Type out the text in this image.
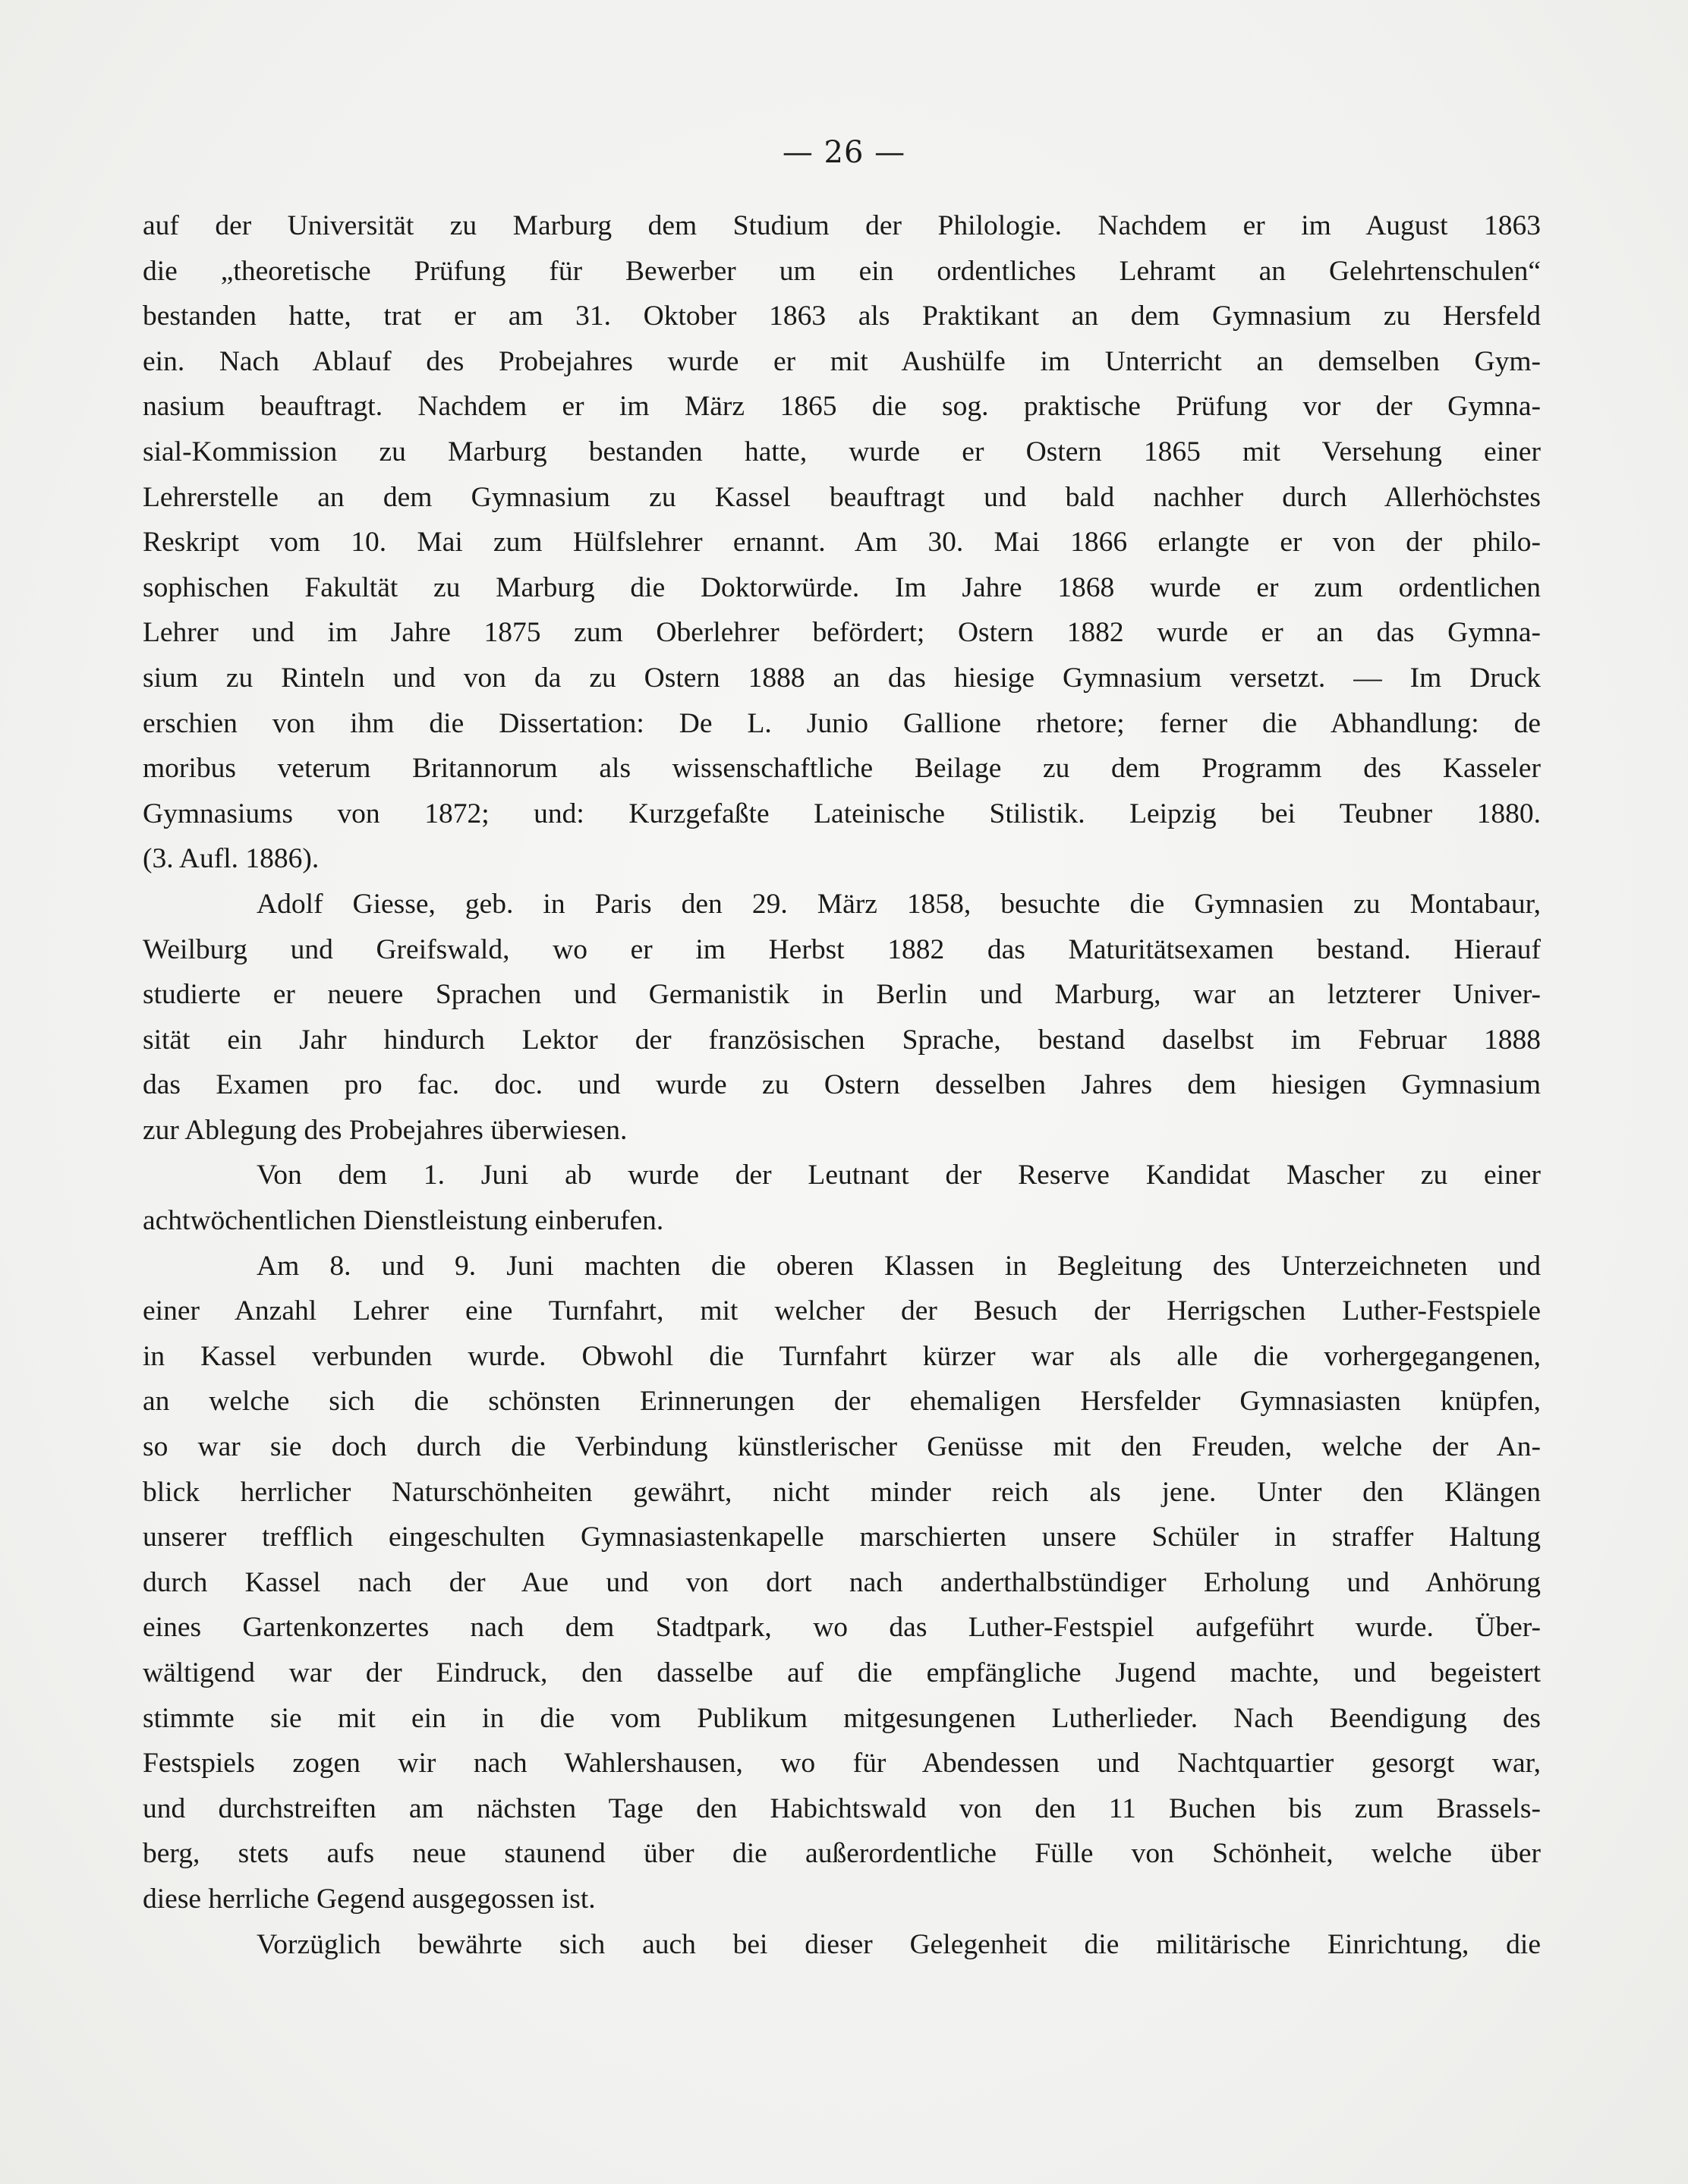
— 26 —
auf der Universität zu Marburg dem Studium der Philologie. Nachdem er im August 1863
die „theoretische Prüfung für Bewerber um ein ordentliches Lehramt an Gelehrtenschulen“
bestanden hatte, trat er am 31. Oktober 1863 als Praktikant an dem Gymnasium zu Hersfeld
ein. Nach Ablauf des Probejahres wurde er mit Aushülfe im Unterricht an demselben Gym-
nasium beauftragt. Nachdem er im März 1865 die sog. praktische Prüfung vor der Gymna-
sial-Kommission zu Marburg bestanden hatte, wurde er Ostern 1865 mit Versehung einer
Lehrerstelle an dem Gymnasium zu Kassel beauftragt und bald nachher durch Allerhöchstes
Reskript vom 10. Mai zum Hülfslehrer ernannt. Am 30. Mai 1866 erlangte er von der philo-
sophischen Fakultät zu Marburg die Doktorwürde. Im Jahre 1868 wurde er zum ordentlichen
Lehrer und im Jahre 1875 zum Oberlehrer befördert; Ostern 1882 wurde er an das Gymna-
sium zu Rinteln und von da zu Ostern 1888 an das hiesige Gymnasium versetzt. — Im Druck
erschien von ihm die Dissertation: De L. Junio Gallione rhetore; ferner die Abhandlung: de
moribus veterum Britannorum als wissenschaftliche Beilage zu dem Programm des Kasseler
Gymnasiums von 1872; und: Kurzgefaßte Lateinische Stilistik. Leipzig bei Teubner 1880.
(3. Aufl. 1886).
Adolf Giesse, geb. in Paris den 29. März 1858, besuchte die Gymnasien zu Montabaur,
Weilburg und Greifswald, wo er im Herbst 1882 das Maturitätsexamen bestand. Hierauf
studierte er neuere Sprachen und Germanistik in Berlin und Marburg, war an letzterer Univer-
sität ein Jahr hindurch Lektor der französischen Sprache, bestand daselbst im Februar 1888
das Examen pro fac. doc. und wurde zu Ostern desselben Jahres dem hiesigen Gymnasium
zur Ablegung des Probejahres überwiesen.
Von dem 1. Juni ab wurde der Leutnant der Reserve Kandidat Mascher zu einer
achtwöchentlichen Dienstleistung einberufen.
Am 8. und 9. Juni machten die oberen Klassen in Begleitung des Unterzeichneten und
einer Anzahl Lehrer eine Turnfahrt, mit welcher der Besuch der Herrigschen Luther-Festspiele
in Kassel verbunden wurde. Obwohl die Turnfahrt kürzer war als alle die vorhergegangenen,
an welche sich die schönsten Erinnerungen der ehemaligen Hersfelder Gymnasiasten knüpfen,
so war sie doch durch die Verbindung künstlerischer Genüsse mit den Freuden, welche der An-
blick herrlicher Naturschönheiten gewährt, nicht minder reich als jene. Unter den Klängen
unserer trefflich eingeschulten Gymnasiastenkapelle marschierten unsere Schüler in straffer Haltung
durch Kassel nach der Aue und von dort nach anderthalbstündiger Erholung und Anhörung
eines Gartenkonzertes nach dem Stadtpark, wo das Luther-Festspiel aufgeführt wurde. Über-
wältigend war der Eindruck, den dasselbe auf die empfängliche Jugend machte, und begeistert
stimmte sie mit ein in die vom Publikum mitgesungenen Lutherlieder. Nach Beendigung des
Festspiels zogen wir nach Wahlershausen, wo für Abendessen und Nachtquartier gesorgt war,
und durchstreiften am nächsten Tage den Habichtswald von den 11 Buchen bis zum Brassels-
berg, stets aufs neue staunend über die außerordentliche Fülle von Schönheit, welche über
diese herrliche Gegend ausgegossen ist.
Vorzüglich bewährte sich auch bei dieser Gelegenheit die militärische Einrichtung, die
